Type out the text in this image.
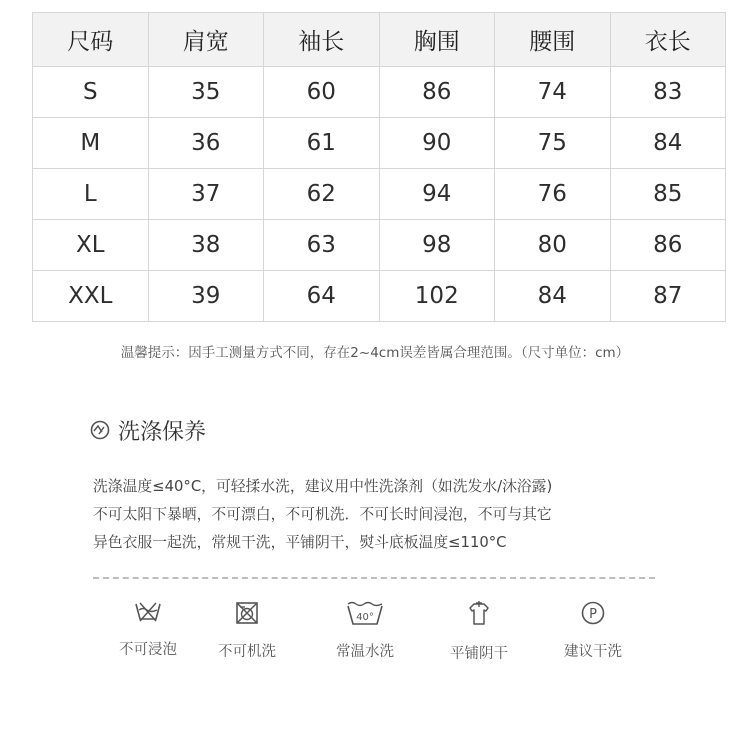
尺码	肩宽	袖长	胸围	腰围	衣长
S	35	60	86	74	83
M	36	61	90	75	84
L	37	62	94	76	85
XL	38	63	98	80	86
XXL	39	64	102	84	87
温馨提示：因手工测量方式不同，存在2~4cm误差皆属合理范围。（尺寸单位：cm）
洗涤保养
洗涤温度≤40°C，可轻揉水洗，建议用中性洗涤剂（如洗发水/沐浴露)
不可太阳下暴晒，不可漂白，不可机洗．不可长时间浸泡，不可与其它
异色衣服一起洗，常规干洗，平铺阴干，熨斗底板温度≤110°C
不可浸泡	不可机洗
40°
常温水洗	平铺阴干
P
建议干洗
